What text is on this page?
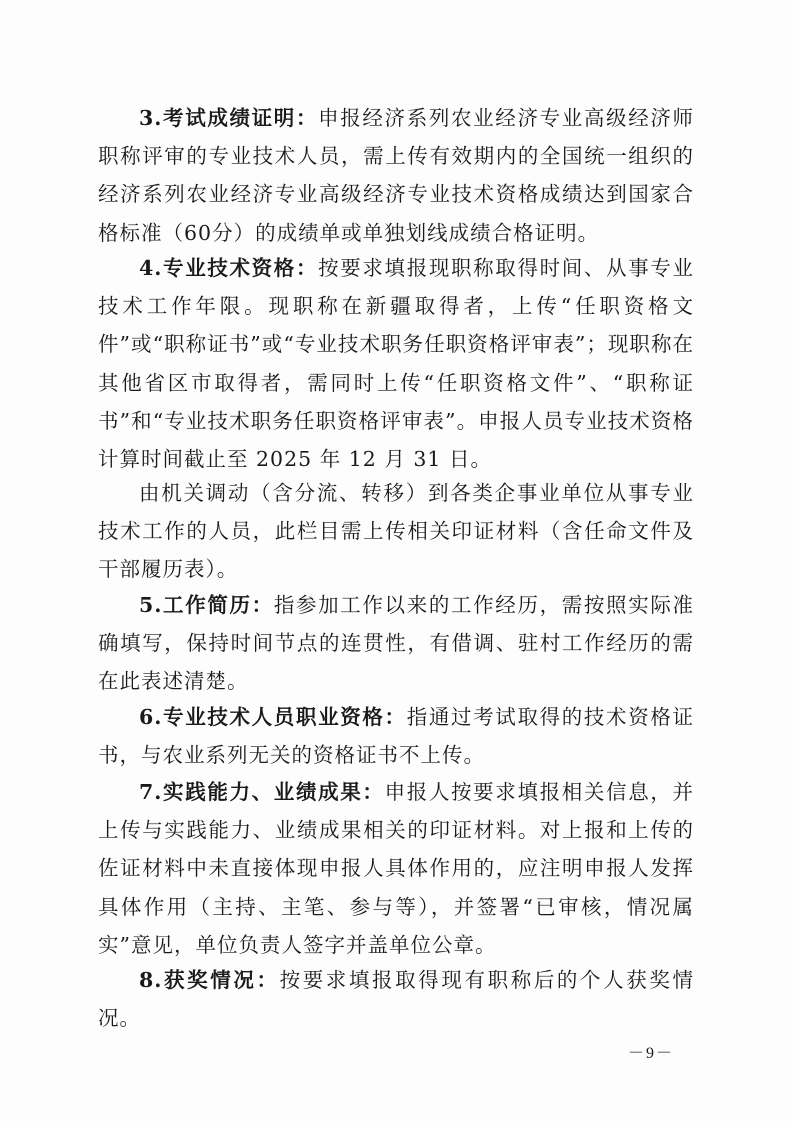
3.考试成绩证明：申报经济系列农业经济专业高级经济师职称评审的专业技术人员，需上传有效期内的全国统一组织的经济系列农业经济专业高级经济专业技术资格成绩达到国家合格标准（60分）的成绩单或单独划线成绩合格证明。

4.专业技术资格：按要求填报现职称取得时间、从事专业技术工作年限。现职称在新疆取得者，上传“任职资格文件”或“职称证书”或“专业技术职务任职资格评审表”；现职称在其他省区市取得者，需同时上传“任职资格文件”、“职称证书”和“专业技术职务任职资格评审表”。申报人员专业技术资格计算时间截止至 2025 年 12 月 31 日。

由机关调动（含分流、转移）到各类企事业单位从事专业技术工作的人员，此栏目需上传相关印证材料（含任命文件及干部履历表）。

5.工作简历：指参加工作以来的工作经历，需按照实际准确填写，保持时间节点的连贯性，有借调、驻村工作经历的需在此表述清楚。

6.专业技术人员职业资格：指通过考试取得的技术资格证书，与农业系列无关的资格证书不上传。

7.实践能力、业绩成果：申报人按要求填报相关信息，并上传与实践能力、业绩成果相关的印证材料。对上报和上传的佐证材料中未直接体现申报人具体作用的，应注明申报人发挥具体作用（主持、主笔、参与等），并签署“已审核，情况属实”意见，单位负责人签字并盖单位公章。

8.获奖情况：按要求填报取得现有职称后的个人获奖情况。

－9－
